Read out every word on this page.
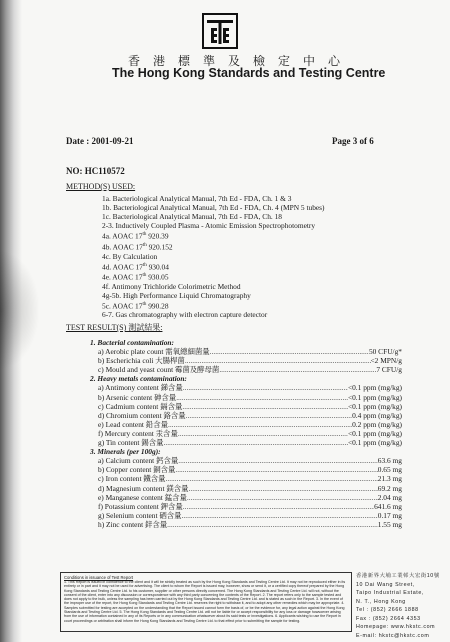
香 港 標 準 及 檢 定 中 心
The Hong Kong Standards and Testing Centre
Date : 2001-09-21	Page 3 of 6
NO: HC110572
METHOD(S) USED:
1a. Bacteriological Analytical Manual, 7th Ed - FDA, Ch. 1 & 3
1b. Bacteriological Analytical Manual, 7th Ed - FDA, Ch. 4 (MPN 5 tubes)
1c. Bacteriological Analytical Manual, 7th Ed - FDA, Ch. 18
2-3. Inductively Coupled Plasma - Atomic Emission Spectrophotometry
4a. AOAC 17th 920.39
4b. AOAC 17th 920.152
4c. By Calculation
4d. AOAC 17th 930.04
4e. AOAC 17th 930.05
4f. Antimony Trichloride Colorimetric Method
4g-5b. High Performance Liquid Chromatography
5c. AOAC 17th 990.28
6-7. Gas chromatography with electron capture detector
TEST RESULT(S) 測試結果:
1. Bacterial contamination:
a) Aerobic plate count 需氧總細菌量 .....	50 CFU/g*
b) Escherichia coli 大腸桿菌 .....	<2 MPN/g
c) Mould and yeast count 霉菌及酵母菌 .....	7 CFU/g
2. Heavy metals contamination:
a) Antimony content 銻含量 .....	<0.1 ppm (mg/kg)
b) Arsenic content 砷含量 .....	<0.1 ppm (mg/kg)
c) Cadmium content 鎘含量 .....	<0.1 ppm (mg/kg)
d) Chromium content 鉻含量 .....	0.4 ppm (mg/kg)
e) Lead content 鉛含量 .....	0.2 ppm (mg/kg)
f) Mercury content 汞含量 .....	<0.1 ppm (mg/kg)
g) Tin content 錫含量 .....	<0.1 ppm (mg/kg)
3. Minerals (per 100g):
a) Calcium content 鈣含量 .....	63.6 mg
b) Copper content 銅含量 .....	0.65 mg
c) Iron content 鐵含量 .....	21.3 mg
d) Magnesium content 鎂含量 .....	69.2 mg
e) Manganese content 錳含量 .....	2.04 mg
f) Potassium content 鉀含量 .....	641.6 mg
g) Selenium content 硒含量 .....	0.17 mg
h) Zinc content 鋅含量 .....	1.55 mg
Conditions in issuance of Test Report
1. This Report is issued in confidence to the client and it will be strictly treated as such by the Hong Kong Standards and Testing Centre Ltd. It may not be reproduced either in its entirety or in part and it may not be used for advertising. The client to whom the Report is issued may, however, show or send it, or a certified copy thereof prepared by the Hong Kong Standards and Testing Centre Ltd. to his customer, supplier or other persons directly concerned. The Hong Kong Standards and Testing Centre Ltd. will not, without the consent of the client, enter into any discussion or correspondence with any third party concerning the contents of the Report. 2. The report refers only to the sample tested and does not apply to the bulk, unless the sampling has been carried out by the Hong Kong Standards and Testing Centre Ltd. and is stated as such in the Report. 3. In the event of the improper use of the report, the Hong Kong Standards and Testing Centre Ltd. reserves the right to withdraw it, and to adopt any other remedies which may be appropriate. 4. Samples submitted for testing are accepted on the understanding that the Report issued cannot form the basis of, or be the evidence for, any legal action against the Hong Kong Standards and Testing Centre Ltd. 5. The Hong Kong Standards and Testing Centre Ltd. will not be liable for or accept responsibility for any loss or damage howsoever arising from the use of information contained in any of its Reports or in any communication whatsoever about its said tests or investigations. 6. Applicants wishing to use the Report in court proceedings or arbitration shall inform the Hong Kong Standards and Testing Centre Ltd. to that effect prior to submitting the sample for testing.
香港新界大埔工業邨大宏街10號
10 Dai Wang Street,
Taipo Industrial Estate,
N. T., Hong Kong
Tel : (852) 2666 1888
Fax : (852) 2664 4353
Homepage: www.hkstc.com
E-mail: hkstc@hkstc.com
